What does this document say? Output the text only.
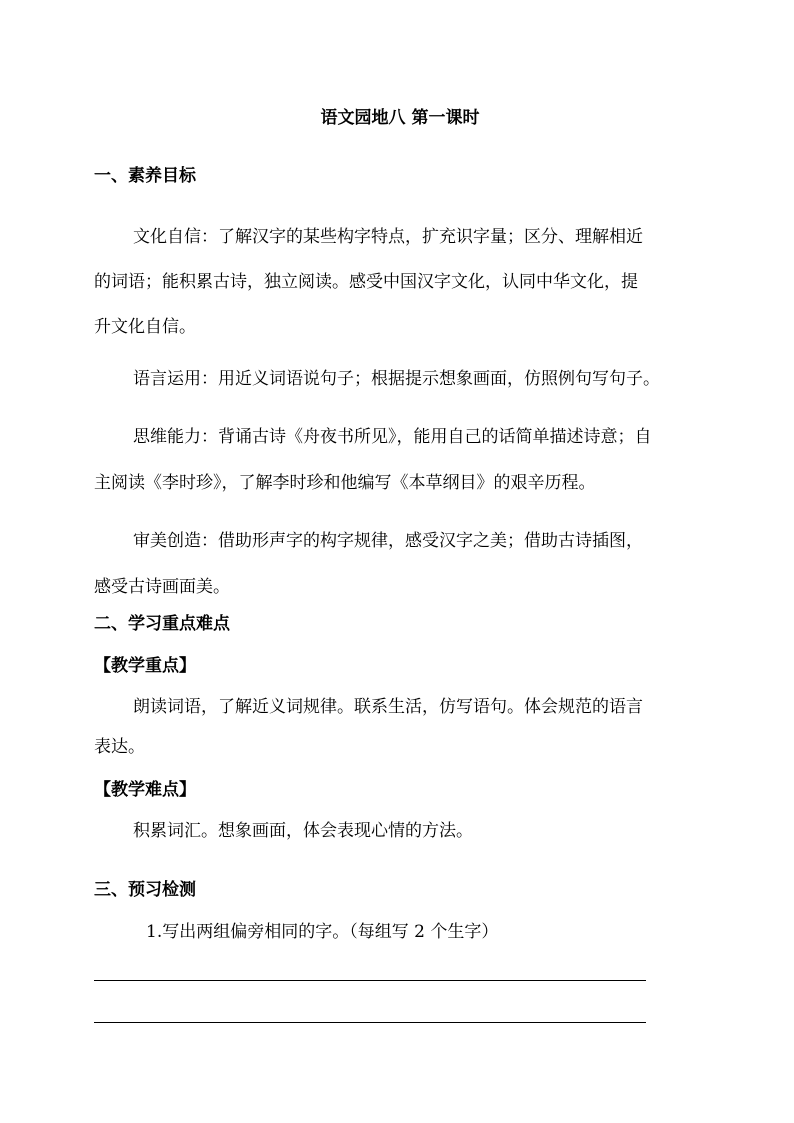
语文园地八 第一课时
一、素养目标
文化自信：了解汉字的某些构字特点，扩充识字量；区分、理解相近
的词语；能积累古诗，独立阅读。感受中国汉字文化，认同中华文化，提
升文化自信。
语言运用：用近义词语说句子；根据提示想象画面，仿照例句写句子。
思维能力：背诵古诗《舟夜书所见》，能用自己的话简单描述诗意；自
主阅读《李时珍》，了解李时珍和他编写《本草纲目》的艰辛历程。
审美创造：借助形声字的构字规律，感受汉字之美；借助古诗插图，
感受古诗画面美。
二、学习重点难点
【教学重点】
朗读词语，了解近义词规律。联系生活，仿写语句。体会规范的语言
表达。
【教学难点】
积累词汇。想象画面，体会表现心情的方法。
三、预习检测
1.写出两组偏旁相同的字。（每组写 2 个生字）
